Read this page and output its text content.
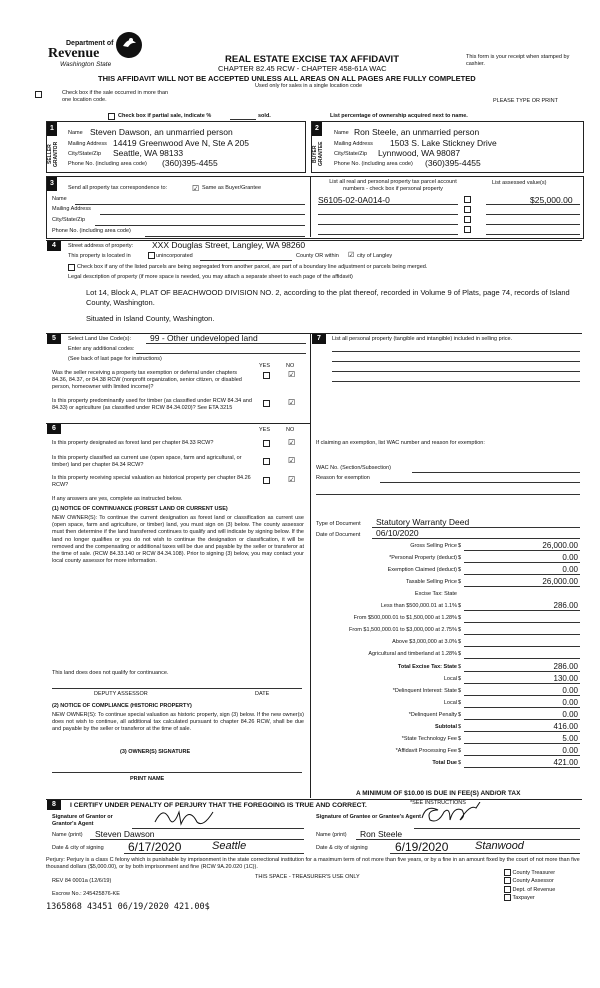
Department of
Revenue
Washington State	REAL ESTATE EXCISE TAX AFFIDAVIT
CHAPTER 82.45 RCW - CHAPTER 458-61A WAC
This form is your receipt when stamped by cashier.
THIS AFFIDAVIT WILL NOT BE ACCEPTED UNLESS ALL AREAS ON ALL PAGES ARE FULLY COMPLETED
Used only for sales in a single location code
Check box if the sale occurred in more than one location code.	PLEASE TYPE OR PRINT
Check box if partial sale, indicate %	sold.	List percentage of ownership acquired next to name.
1
SELLER GRANTOR
Name Steven Dawson, an unmarried person
Mailing Address 14419 Greenwood Ave N, Ste A 205
City/State/Zip Seattle, WA 98133
Phone No. (including area code) (360)395-4455
2
BUYER GRANTEE
Name Ron Steele, an unmarried person
Mailing Address 1503 S. Lake Stickney Drive
City/State/Zip Lynnwood, WA 98087
Phone No. (including area code) (360)395-4455
3
Send all property tax correspondence to:	☑ Same as Buyer/Grantee
Name
Mailing Address
City/State/Zip
Phone No. (including area code)
List all real and personal property tax parcel account numbers - check box if personal property
List assessed value(s)
S6105-02-0A014-0	$25,000.00
4	Street address of property: XXX Douglas Street, Langley, WA 98260
This property is located in	unincorporated	County OR within ☑ city of Langley
Check box if any of the listed parcels are being segregated from another parcel, are part of a boundary line adjustment or parcels being merged.
Legal description of property (if more space is needed, you may attach a separate sheet to each page of the affidavit)
Lot 14, Block A, PLAT OF BEACHWOOD DIVISION NO. 2, according to the plat thereof, recorded in Volume 9 of Plats, page 74, records of Island County, Washington.
Situated in Island County, Washington.
5	Select Land Use Code(s): 99 - Other undeveloped land
Enter any additional codes:
(See back of last page for instructions)
YES	NO
Was the seller receiving a property tax exemption or deferral under chapters 84.36, 84.37, or 84.38 RCW (nonprofit organization, senior citizen, or disabled person, homeowner with limited income)?
☑
Is this property predominantly used for timber (as classified under RCW 84.34 and 84.33) or agriculture (as classified under RCW 84.34.020)? See ETA 3215
☑
6	YES	NO
Is this property designated as forest land per chapter 84.33 RCW?	☑
Is this property classified as current use (open space, farm and agricultural, or timber) land per chapter 84.34 RCW?	☑
Is this property receiving special valuation as historical property per chapter 84.26 RCW?
☑
If any answers are yes, complete as instructed below.
(1) NOTICE OF CONTINUANCE (FOREST LAND OR CURRENT USE)
NEW OWNER(S): To continue the current designation as forest land or classification as current use (open space, farm and agriculture, or timber) land, you must sign on (3) below. The county assessor must then determine if the land transferred continues to qualify and will indicate by signing below. If the land no longer qualifies or you do not wish to continue the designation or classification, it will be removed and the compensating or additional taxes will be due and payable by the seller or transferor at the time of sale. (RCW 84.33.140 or RCW 84.34.108). Prior to signing (3) below, you may contact your local county assessor for more information.
This land does does not qualify for continuance.
DEPUTY ASSESSOR	DATE
(2) NOTICE OF COMPLIANCE (HISTORIC PROPERTY)
NEW OWNER(S): To continue special valuation as historic property, sign (3) below. If the new owner(s) does not wish to continue, all additional tax calculated pursuant to chapter 84.26 RCW, shall be due and payable by the seller or transferor at the time of sale.
(3) OWNER(S) SIGNATURE
PRINT NAME
7	List all personal property (tangible and intangible) included in selling price.
If claiming an exemption, list WAC number and reason for exemption:
WAC No. (Section/Subsection)
Reason for exemption
Type of Document Statutory Warranty Deed
Date of Document 06/10/2020
Gross Selling Price $	26,000.00
*Personal Property (deduct) $	0.00
Exemption Claimed (deduct) $	0.00
Taxable Selling Price $	26,000.00
Excise Tax: State
Less than $500,000.01 at 1.1% $	286.00
From $500,000.01 to $1,500,000 at 1.28% $
From $1,500,000.01 to $3,000,000 at 2.75% $
Above $3,000,000 at 3.0% $
Agricultural and timberland at 1.28% $
Total Excise Tax: State $	286.00
Local $	130.00
*Delinquent Interest: State $	0.00
Local $	0.00
*Delinquent Penalty $	0.00
Subtotal $	416.00
*State Technology Fee $	5.00
*Affidavit Processing Fee $	0.00
Total Due $	421.00
A MINIMUM OF $10.00 IS DUE IN FEE(S) AND/OR TAX
*SEE INSTRUCTIONS
8	I CERTIFY UNDER PENALTY OF PERJURY THAT THE FOREGOING IS TRUE AND CORRECT.
Signature of Grantor or Grantor's Agent
Name (print) Steven Dawson
Date & city of signing 6/17/2020	Seattle
Signature of Grantee or Grantee's Agent
Name (print) Ron Steele
Date & city of signing 6/19/2020 Stanwood
Perjury: Perjury is a class C felony which is punishable by imprisonment in the state correctional institution for a maximum term of not more than five years, or by a fine in an amount fixed by the court of not more than five thousand dollars ($5,000.00), or by both imprisonment and fine (RCW 9A.20.020 (1C)).
REV 84 0001a (12/6/19)
THIS SPACE - TREASURER'S USE ONLY
Escrow No.: 245425876-KE
1365868 43451 06/19/2020 421.00$
County Treasurer
County Assessor
Dept. of Revenue
Taxpayer
